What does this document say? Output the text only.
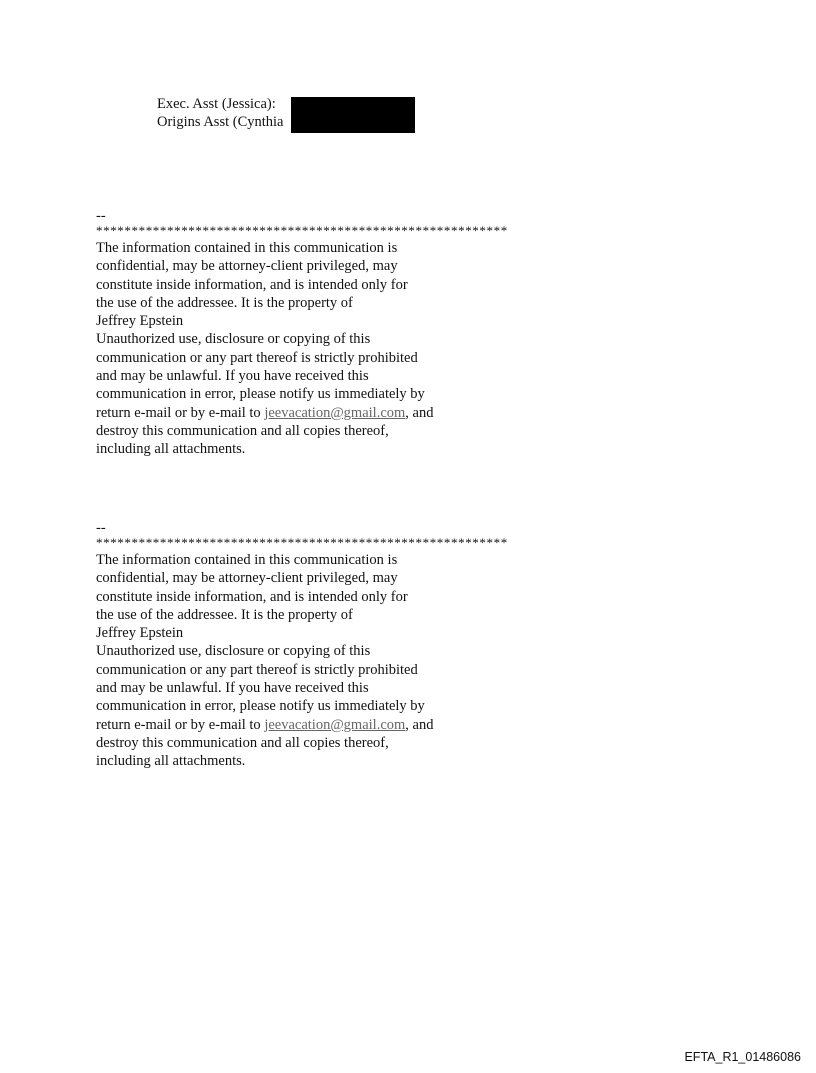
Exec. Asst (Jessica):
Origins Asst (Cynthia
--
**********************************************************
The information contained in this communication is
confidential, may be attorney-client privileged, may
constitute inside information, and is intended only for
the use of the addressee. It is the property of
Jeffrey Epstein
Unauthorized use, disclosure or copying of this
communication or any part thereof is strictly prohibited
and may be unlawful. If you have received this
communication in error, please notify us immediately by
return e-mail or by e-mail to jeevacation@gmail.com, and
destroy this communication and all copies thereof,
including all attachments.
--
**********************************************************
The information contained in this communication is
confidential, may be attorney-client privileged, may
constitute inside information, and is intended only for
the use of the addressee. It is the property of
Jeffrey Epstein
Unauthorized use, disclosure or copying of this
communication or any part thereof is strictly prohibited
and may be unlawful. If you have received this
communication in error, please notify us immediately by
return e-mail or by e-mail to jeevacation@gmail.com, and
destroy this communication and all copies thereof,
including all attachments.
EFTA_R1_01486086
